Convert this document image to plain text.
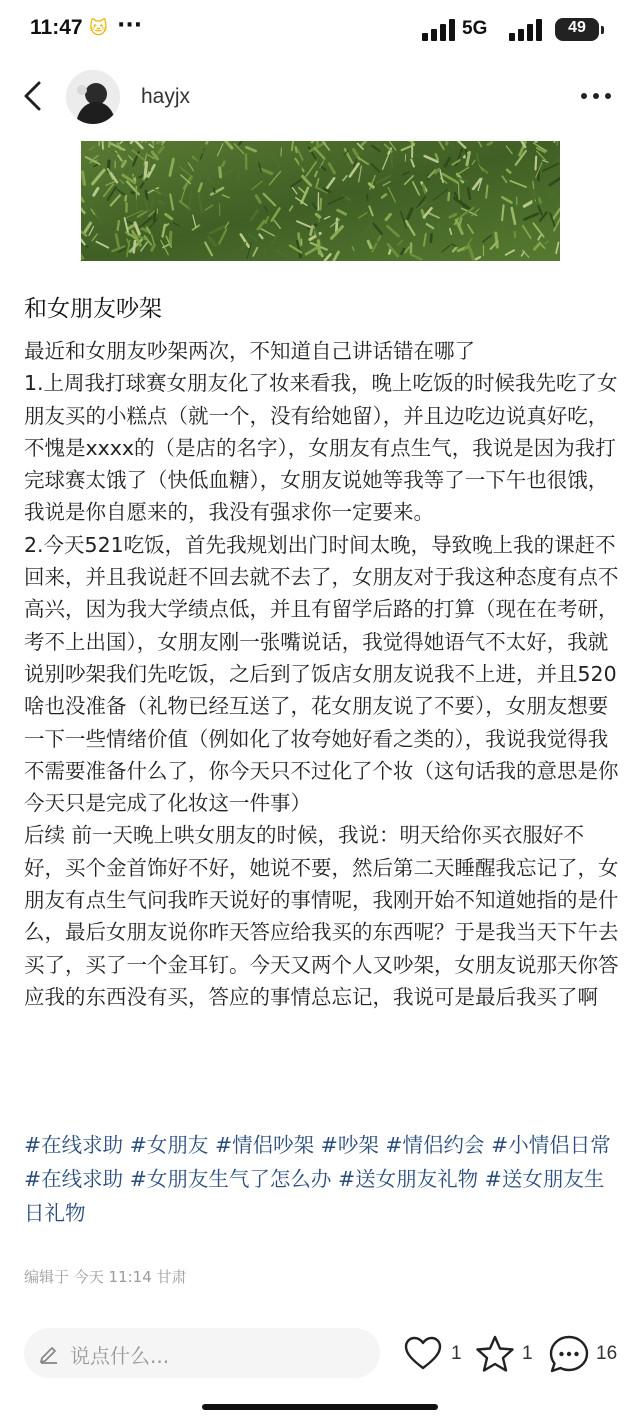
11:47 🐱 ···	5G	49
hayjx
和女朋友吵架
最近和女朋友吵架两次，不知道自己讲话错在哪了
1.上周我打球赛女朋友化了妆来看我，晚上吃饭的时候我先吃了女朋友买的小糕点（就一个，没有给她留），并且边吃边说真好吃，不愧是xxxx的（是店的名字），女朋友有点生气，我说是因为我打完球赛太饿了（快低血糖），女朋友说她等我等了一下午也很饿，我说是你自愿来的，我没有强求你一定要来。
2.今天521吃饭，首先我规划出门时间太晚，导致晚上我的课赶不回来，并且我说赶不回去就不去了，女朋友对于我这种态度有点不高兴，因为我大学绩点低，并且有留学后路的打算（现在在考研，考不上出国），女朋友刚一张嘴说话，我觉得她语气不太好，我就说别吵架我们先吃饭，之后到了饭店女朋友说我不上进，并且520啥也没准备（礼物已经互送了，花女朋友说了不要），女朋友想要一下一些情绪价值（例如化了妆夸她好看之类的），我说我觉得我不需要准备什么了，你今天只不过化了个妆（这句话我的意思是你今天只是完成了化妆这一件事）
后续 前一天晚上哄女朋友的时候，我说：明天给你买衣服好不好，买个金首饰好不好，她说不要，然后第二天睡醒我忘记了，女朋友有点生气问我昨天说好的事情呢，我刚开始不知道她指的是什么，最后女朋友说你昨天答应给我买的东西呢？于是我当天下午去买了，买了一个金耳钉。今天又两个人又吵架，女朋友说那天你答应我的东西没有买，答应的事情总忘记，我说可是最后我买了啊
#在线求助 #女朋友 #情侣吵架 #吵架 #情侣约会 #小情侣日常 #在线求助 #女朋友生气了怎么办 #送女朋友礼物 #送女朋友生日礼物
编辑于 今天 11:14 甘肃
说点什么...	1	1	16
